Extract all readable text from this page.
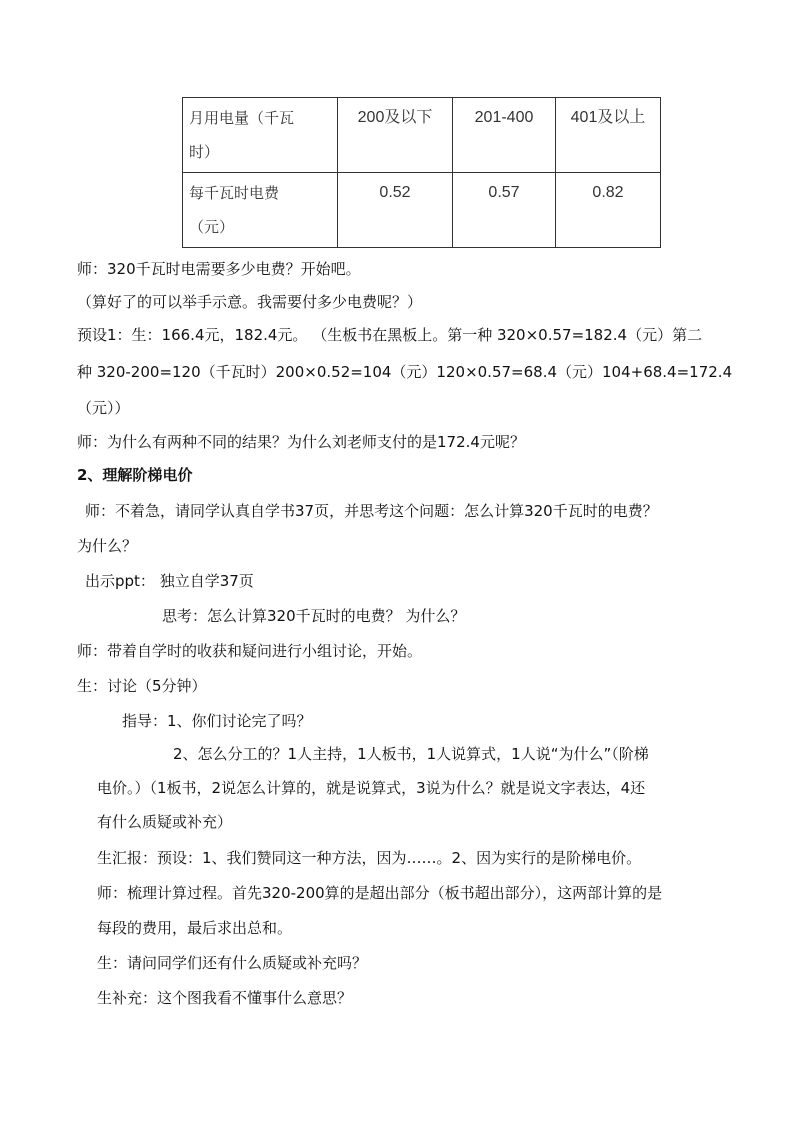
月用电量（千瓦
时）	200及以下	201-400	401及以上
每千瓦时电费
（元）	0.52	0.57	0.82
师：320千瓦时电需要多少电费？开始吧。
（算好了的可以举手示意。我需要付多少电费呢？）
预设1：生：166.4元，182.4元。 （生板书在黑板上。第一种 320×0.57=182.4（元）第二
种 320-200=120（千瓦时）200×0.52=104（元）120×0.57=68.4（元）104+68.4=172.4
（元））
师：为什么有两种不同的结果？为什么刘老师支付的是172.4元呢？
2、理解阶梯电价
师：不着急，请同学认真自学书37页，并思考这个问题：怎么计算320千瓦时的电费？
为什么？
出示ppt： 独立自学37页
思考：怎么计算320千瓦时的电费？ 为什么？
师：带着自学时的收获和疑问进行小组讨论，开始。
生：讨论（5分钟）
指导：1、你们讨论完了吗？
2、怎么分工的？1人主持，1人板书，1人说算式，1人说“为什么”（阶梯
电价。）（1板书，2说怎么计算的，就是说算式，3说为什么？就是说文字表达，4还
有什么质疑或补充）
生汇报：预设：1、我们赞同这一种方法，因为……。2、因为实行的是阶梯电价。
师：梳理计算过程。首先320-200算的是超出部分（板书超出部分），这两部计算的是
每段的费用，最后求出总和。
生：请问同学们还有什么质疑或补充吗？
生补充：这个图我看不懂事什么意思？
